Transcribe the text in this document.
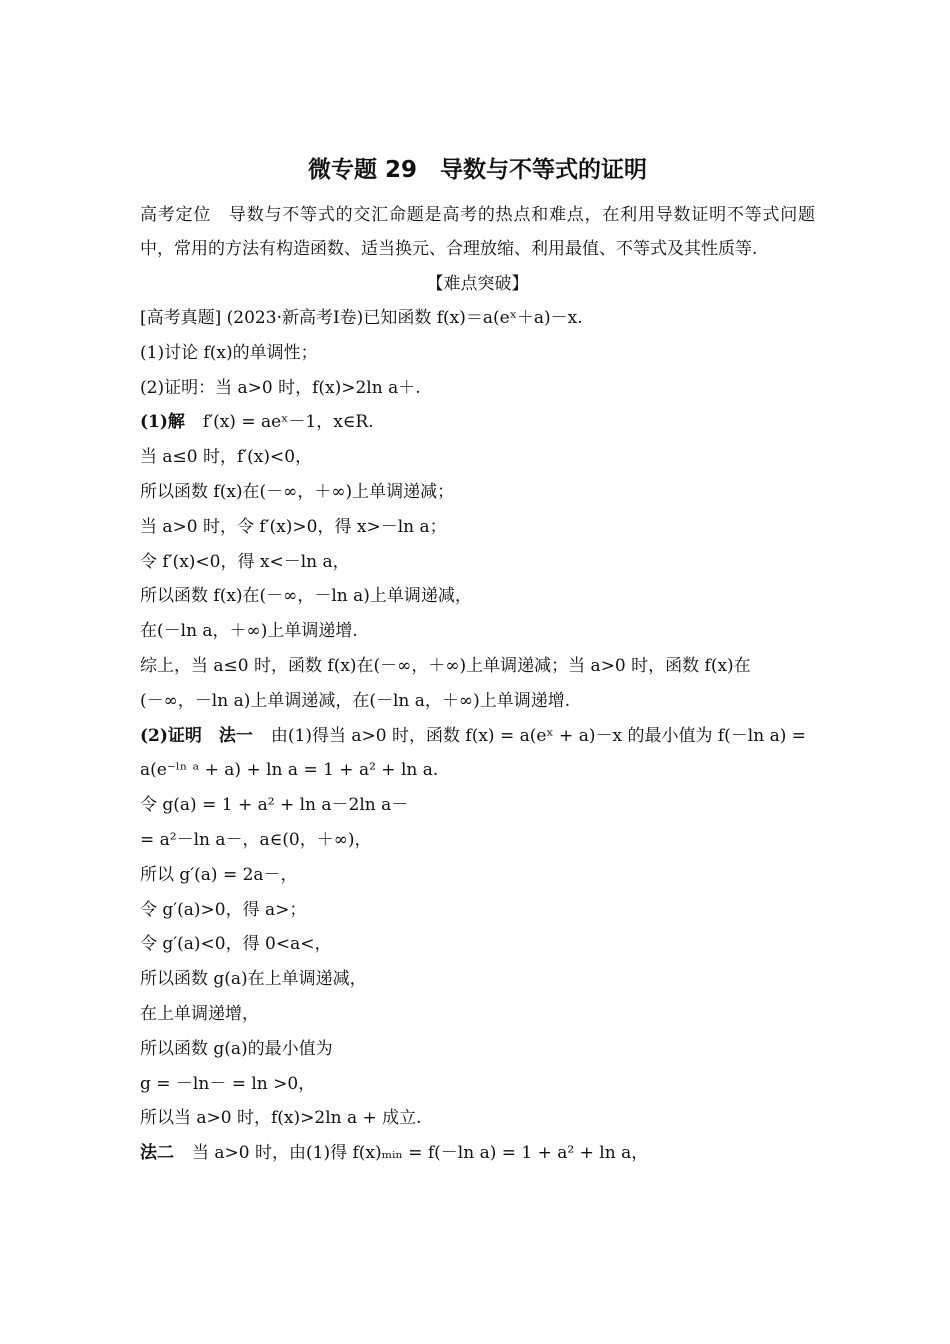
微专题 29　导数与不等式的证明
高考定位　导数与不等式的交汇命题是高考的热点和难点，在利用导数证明不等式问题中，常用的方法有构造函数、适当换元、合理放缩、利用最值、不等式及其性质等.
【难点突破】
[高考真题] (2023·新高考Ⅰ卷)已知函数 f(x)＝a(eˣ＋a)－x.
(1)讨论 f(x)的单调性；
(2)证明：当 a>0 时，f(x)>2ln a＋.
(1)解 f′(x) = aeˣ－1，x∈R.
当 a≤0 时，f′(x)<0，
所以函数 f(x)在(－∞，＋∞)上单调递减；
当 a>0 时，令 f′(x)>0，得 x>－ln a；
令 f′(x)<0，得 x<－ln a，
所以函数 f(x)在(－∞，－ln a)上单调递减，
在(－ln a，＋∞)上单调递增.
综上，当 a≤0 时，函数 f(x)在(－∞，＋∞)上单调递减；当 a>0 时，函数 f(x)在
(－∞，－ln a)上单调递减，在(－ln a，＋∞)上单调递增.
(2)证明　法一 由(1)得当 a>0 时，函数 f(x) = a(eˣ + a)－x 的最小值为 f(－ln a) =
a(e⁻ˡⁿ ᵃ + a) + ln a = 1 + a² + ln a.
令 g(a) = 1 + a² + ln a－2ln a－
= a²－ln a－，a∈(0，＋∞)，
所以 g′(a) = 2a－，
令 g′(a)>0，得 a>；
令 g′(a)<0，得 0<a<，
所以函数 g(a)在上单调递减，
在上单调递增，
所以函数 g(a)的最小值为
g = －ln－ = ln >0，
所以当 a>0 时，f(x)>2ln a + 成立.
法二 当 a>0 时，由(1)得 f(x)ₘᵢₙ = f(－ln a) = 1 + a² + ln a，
